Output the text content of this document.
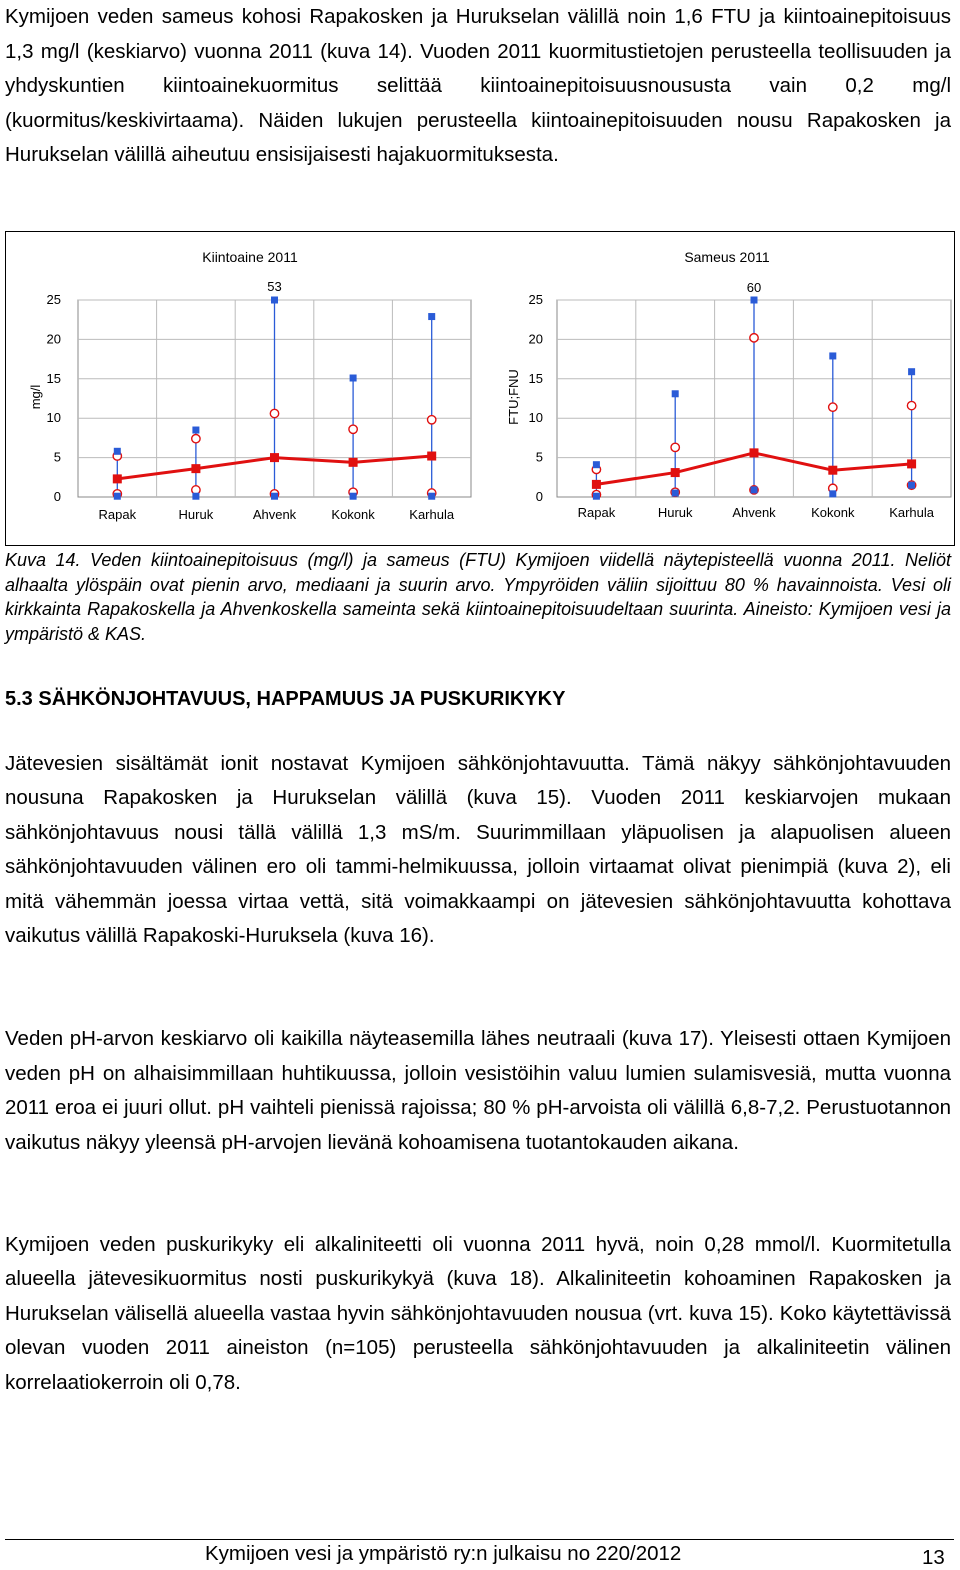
Kymijoen veden sameus kohosi Rapakosken ja Hurukselan välillä noin 1,6 FTU ja kiintoainepitoisuus 1,3 mg/l (keskiarvo) vuonna 2011 (kuva 14). Vuoden 2011 kuormitustietojen perusteella teollisuuden ja yhdyskuntien kiintoainekuormitus selittää kiintoainepitoisuusnoususta vain 0,2 mg/l (kuormitus/keskivirtaama). Näiden lukujen perusteella kiintoainepitoisuuden nousu Rapakosken ja Hurukselan välillä aiheutuu ensisijaisesti hajakuormituksesta.
0
5
10
15
20
25
Kiintoaine 2011
mg/l
Rapak	Huruk	Ahvenk	Kokonk	Karhula
53
0
5
10
15
20
25
Sameus 2011
FTU;FNU
Rapak	Huruk	Ahvenk	Kokonk	Karhula
60
Kuva 14. Veden kiintoainepitoisuus (mg/l) ja sameus (FTU) Kymijoen viidellä näytepisteellä vuonna 2011. Neliöt alhaalta ylöspäin ovat pienin arvo, mediaani ja suurin arvo. Ympyröiden väliin sijoittuu 80 % havainnoista. Vesi oli kirkkainta Rapakoskella ja Ahvenkoskella sameinta sekä kiintoainepitoisuudeltaan suurinta. Aineisto: Kymijoen vesi ja ympäristö & KAS.
5.3 SÄHKÖNJOHTAVUUS, HAPPAMUUS JA PUSKURIKYKY
Jätevesien sisältämät ionit nostavat Kymijoen sähkönjohtavuutta. Tämä näkyy sähkönjohtavuuden nousuna Rapakosken ja Hurukselan välillä (kuva 15). Vuoden 2011 keskiarvojen mukaan sähkönjohtavuus nousi tällä välillä 1,3 mS/m. Suurimmillaan yläpuolisen ja alapuolisen alueen sähkönjohtavuuden välinen ero oli tammi-helmikuussa, jolloin virtaamat olivat pienimpiä (kuva 2), eli mitä vähemmän joessa virtaa vettä, sitä voimakkaampi on jätevesien sähkönjohtavuutta kohottava vaikutus välillä Rapakoski-Huruksela (kuva 16).
Veden pH-arvon keskiarvo oli kaikilla näyteasemilla lähes neutraali (kuva 17). Yleisesti ottaen Kymijoen veden pH on alhaisimmillaan huhtikuussa, jolloin vesistöihin valuu lumien sulamisvesiä, mutta vuonna 2011 eroa ei juuri ollut. pH vaihteli pienissä rajoissa; 80 % pH-arvoista oli välillä 6,8-7,2. Perustuotannon vaikutus näkyy yleensä pH-arvojen lievänä kohoamisena tuotantokauden aikana.
Kymijoen veden puskurikyky eli alkaliniteetti oli vuonna 2011 hyvä, noin 0,28 mmol/l. Kuormitetulla alueella jätevesikuormitus nosti puskurikykyä (kuva 18). Alkaliniteetin kohoaminen Rapakosken ja Hurukselan välisellä alueella vastaa hyvin sähkönjohtavuuden nousua (vrt. kuva 15). Koko käytettävissä olevan vuoden 2011 aineiston (n=105) perusteella sähkönjohtavuuden ja alkaliniteetin välinen korrelaatiokerroin oli 0,78.
Kymijoen vesi ja ympäristö ry:n julkaisu no 220/2012	13
